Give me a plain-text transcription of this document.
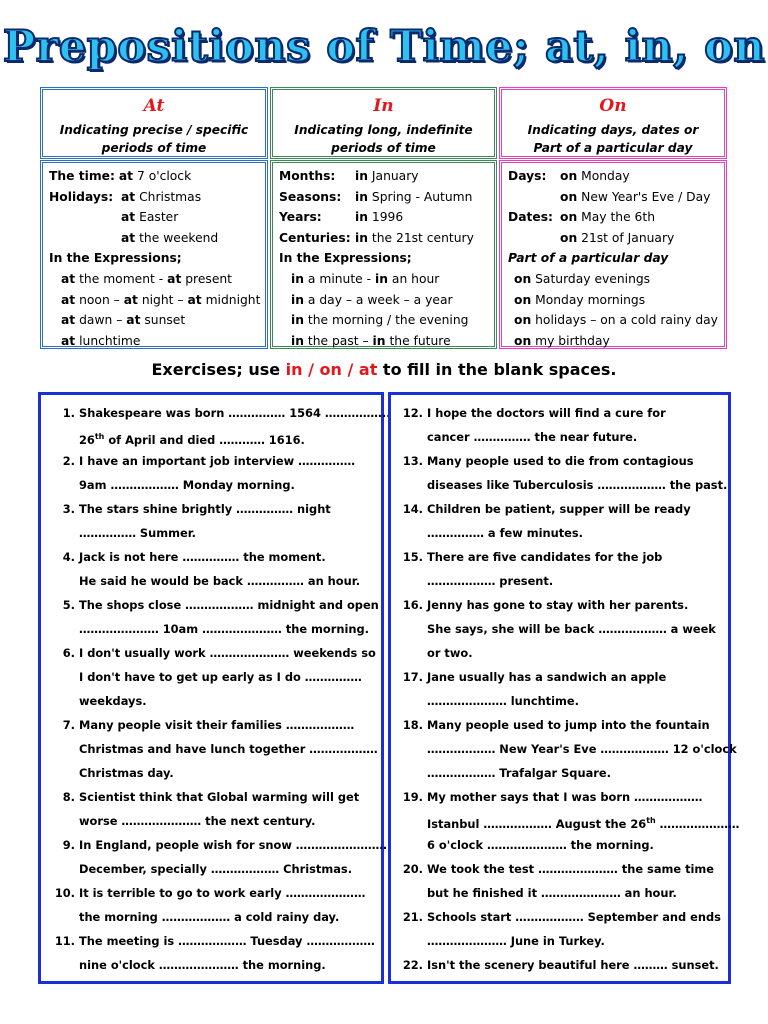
Prepositions of Time; at, in, on
At
Indicating precise / specific
periods of time
In
Indicating long, indefinite
periods of time
On
Indicating days, dates or
Part of a particular day
The time: at 7 o'clock
Holidays: at Christmas
at Easter
at the weekend
In the Expressions;
at the moment - at present
at noon – at night – at midnight
at dawn – at sunset
at lunchtime
Months: in January
Seasons: in Spring - Autumn
Years:	in 1996
Centuries: in the 21st century
In the Expressions;
in a minute - in an hour
in a day – a week – a year
in the morning / the evening
in the past – in the future
Days: on Monday
on New Year's Eve / Day
Dates: on May the 6th
on 21st of January
Part of a particular day
on Saturday evenings
on Monday mornings
on holidays – on a cold rainy day
on my birthday
Exercises; use in / on / at to fill in the blank spaces.
1. Shakespeare was born …………… 1564 ……………..
26th of April and died ………… 1616.
2. I have an important job interview ……………
9am ……………… Monday morning.
3. The stars shine brightly …………… night
…………… Summer.
4. Jack is not here …………… the moment.
He said he would be back …………… an hour.
5. The shops close ……………… midnight and open
………………… 10am ………………… the morning.
6. I don't usually work ………………… weekends so
I don't have to get up early as I do ……………
weekdays.
7. Many people visit their families ………………
Christmas and have lunch together ………………
Christmas day.
8. Scientist think that Global warming will get
worse ………………… the next century.
9. In England, people wish for snow ……………………
December, specially ……………… Christmas.
10. It is terrible to go to work early …………………
the morning ……………… a cold rainy day.
11. The meeting is ……………… Tuesday ………………
nine o'clock ………………… the morning.
12. I hope the doctors will find a cure for
cancer …………… the near future.
13. Many people used to die from contagious
diseases like Tuberculosis ……………… the past.
14. Children be patient, supper will be ready
…………… a few minutes.
15. There are five candidates for the job
……………… present.
16. Jenny has gone to stay with her parents.
She says, she will be back ……………… a week
or two.
17. Jane usually has a sandwich an apple
………………… lunchtime.
18. Many people used to jump into the fountain
……………… New Year's Eve ……………… 12 o'clock
……………… Trafalgar Square.
19. My mother says that I was born ………………
Istanbul ……………… August the 26th …………………
6 o'clock ………………… the morning.
20. We took the test ………………… the same time
but he finished it ………………… an hour.
21. Schools start ……………… September and ends
………………… June in Turkey.
22. Isn't the scenery beautiful here ……… sunset.
